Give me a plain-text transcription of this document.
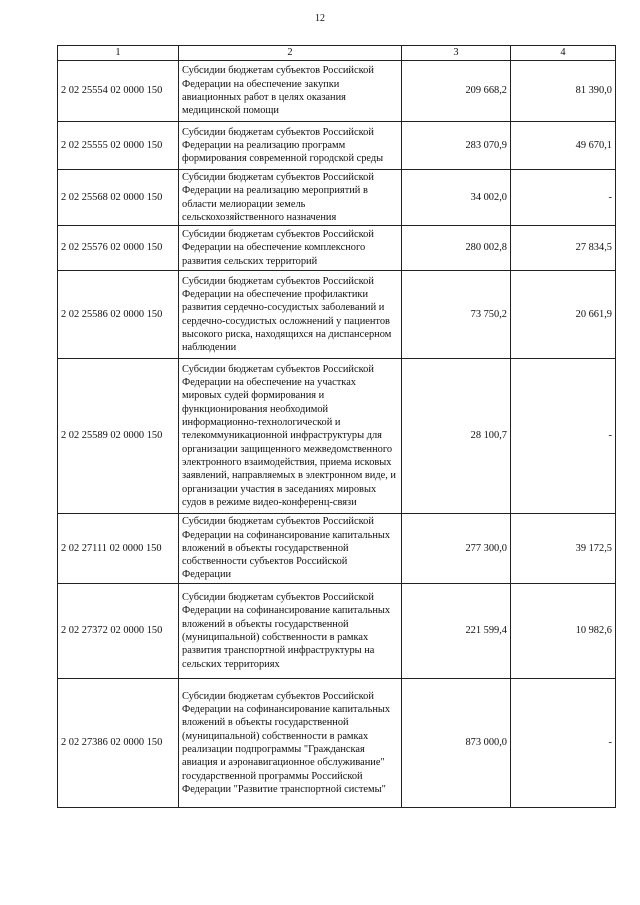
12
1	2	3	4
2 02 25554 02 0000 150	Субсидии бюджетам субъектов Российской Федерации на обеспечение закупки авиационных работ в целях оказания медицинской помощи	209 668,2	81 390,0
2 02 25555 02 0000 150	Субсидии бюджетам субъектов Российской Федерации на реализацию программ формирования современной городской среды	283 070,9	49 670,1
2 02 25568 02 0000 150	Субсидии бюджетам субъектов Российской Федерации на реализацию мероприятий в области мелиорации земель сельскохозяйственного назначения	34 002,0	-
2 02 25576 02 0000 150	Субсидии бюджетам субъектов Российской Федерации на обеспечение комплексного развития сельских территорий	280 002,8	27 834,5
2 02 25586 02 0000 150	Субсидии бюджетам субъектов Российской Федерации на обеспечение профилактики развития сердечно-сосудистых заболеваний и сердечно-сосудистых осложнений у пациентов высокого риска, находящихся на диспансерном наблюдении	73 750,2	20 661,9
2 02 25589 02 0000 150	Субсидии бюджетам субъектов Российской Федерации на обеспечение на участках мировых судей формирования и функционирования необходимой информационно-технологической и телекоммуникационной инфраструктуры для организации защищенного межведомственного электронного взаимодействия, приема исковых заявлений, направляемых в электронном виде, и организации участия в заседаниях мировых судов в режиме видео-конференц-связи	28 100,7	-
2 02 27111 02 0000 150	Субсидии бюджетам субъектов Российской Федерации на софинансирование капитальных вложений в объекты государственной собственности субъектов Российской Федерации	277 300,0	39 172,5
2 02 27372 02 0000 150	Субсидии бюджетам субъектов Российской Федерации на софинансирование капитальных вложений в объекты государственной (муниципальной) собственности в рамках развития транспортной инфраструктуры на сельских территориях	221 599,4	10 982,6
2 02 27386 02 0000 150	Субсидии бюджетам субъектов Российской Федерации на софинансирование капитальных вложений в объекты государственной (муниципальной) собственности в рамках реализации подпрограммы "Гражданская авиация и аэронавигационное обслуживание" государственной программы Российской Федерации "Развитие транспортной системы"	873 000,0	-
